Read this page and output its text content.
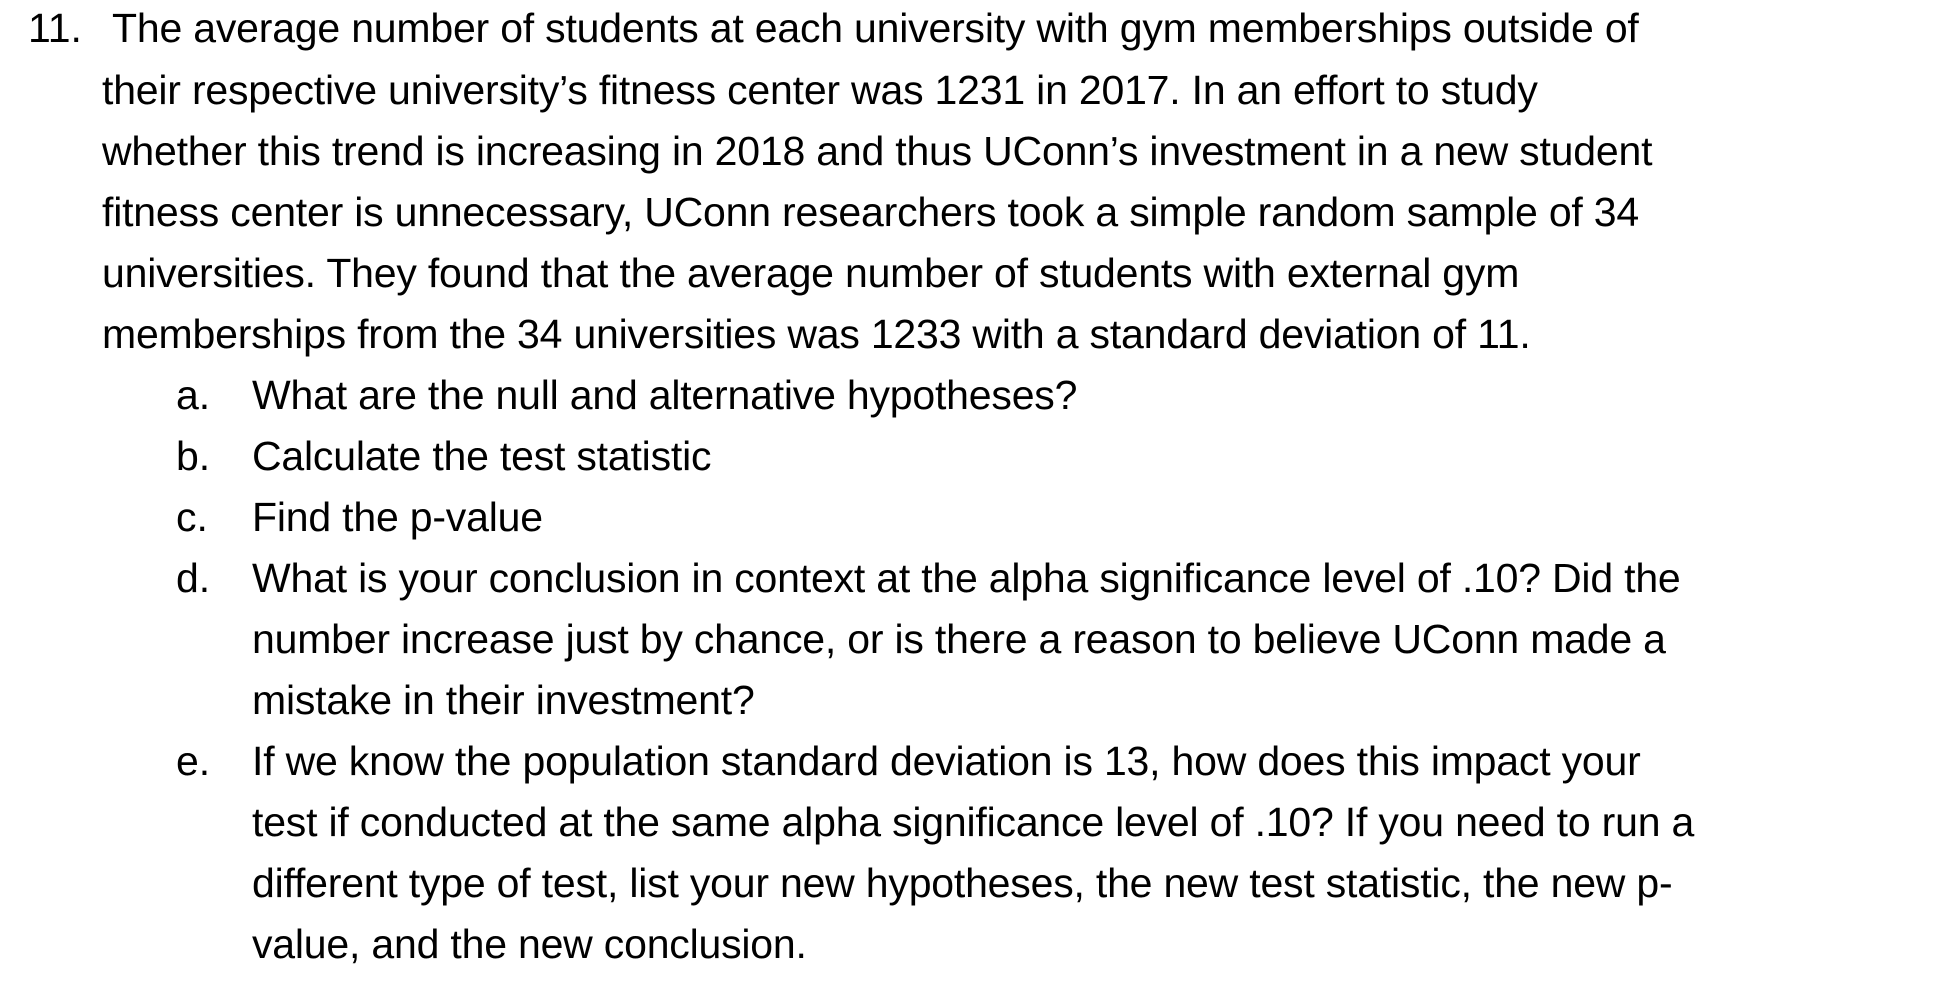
11. The average number of students at each university with gym memberships outside of
their respective university’s fitness center was 1231 in 2017. In an effort to study
whether this trend is increasing in 2018 and thus UConn’s investment in a new student
fitness center is unnecessary, UConn researchers took a simple random sample of 34
universities. They found that the average number of students with external gym
memberships from the 34 universities was 1233 with a standard deviation of 11.
a. What are the null and alternative hypotheses?
b. Calculate the test statistic
c. Find the p-value
d. What is your conclusion in context at the alpha significance level of .10? Did the
number increase just by chance, or is there a reason to believe UConn made a
mistake in their investment?
e. If we know the population standard deviation is 13, how does this impact your
test if conducted at the same alpha significance level of .10? If you need to run a
different type of test, list your new hypotheses, the new test statistic, the new p-
value, and the new conclusion.
